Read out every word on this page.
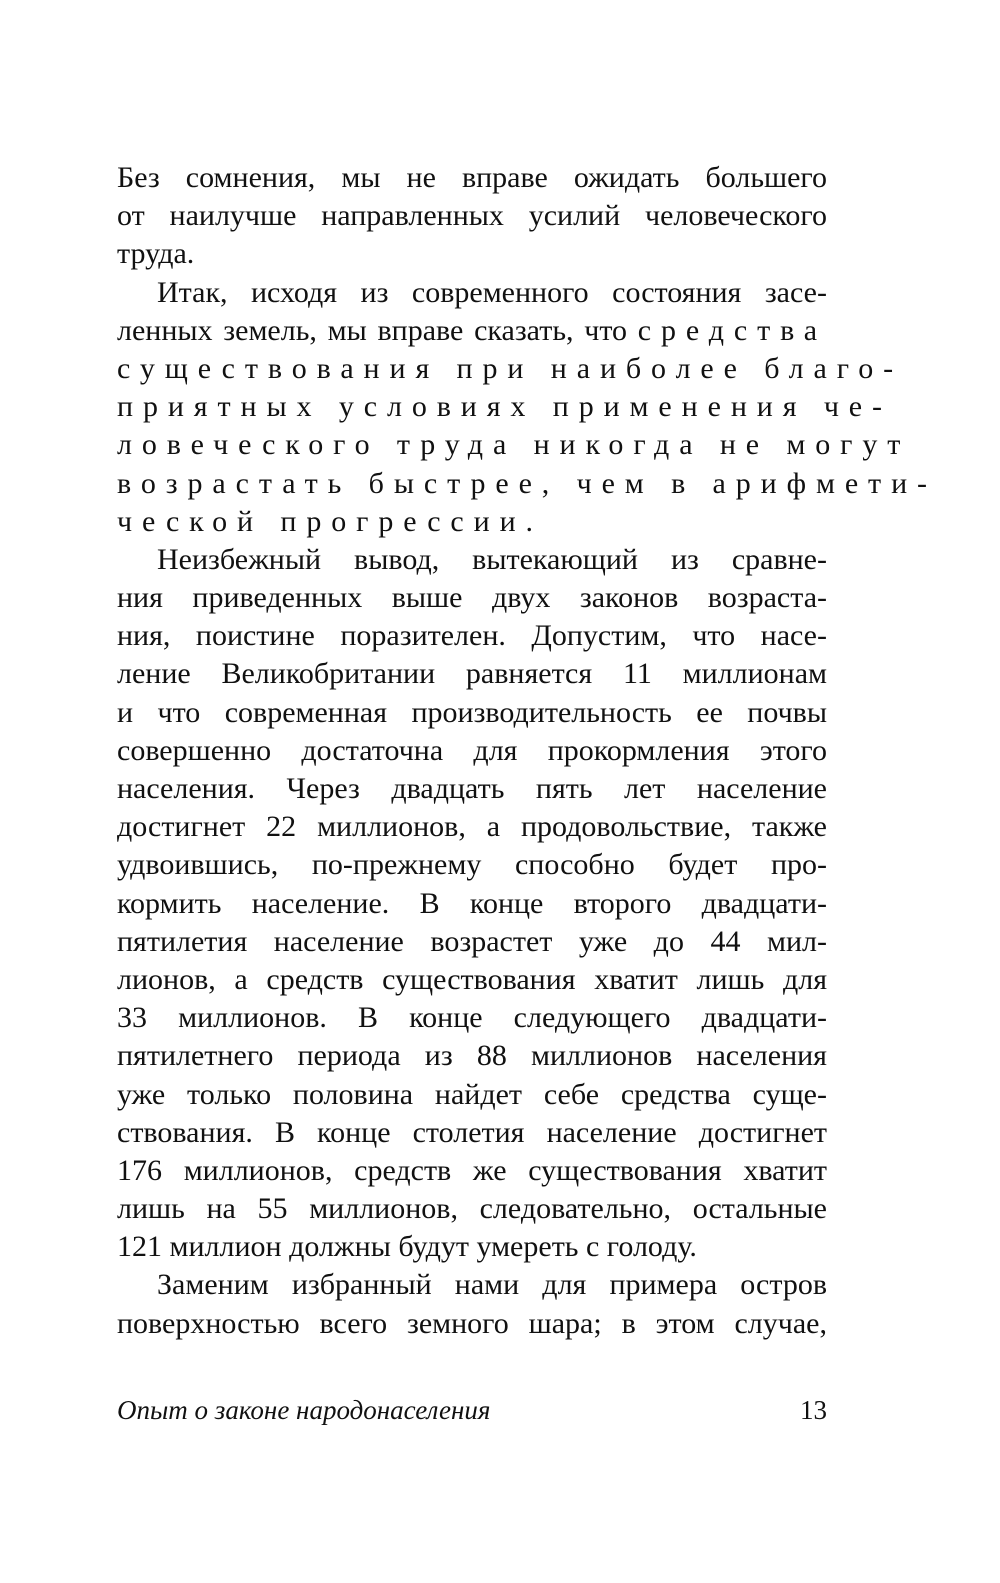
Без сомнения, мы не вправе ожидать большего
от наилучше направленных усилий человеческого
труда.
Итак, исходя из современного состояния засе-
ленных земель, мы вправе сказать, что средства
существования при наиболее благо-
приятных условиях применения че-
ловеческого труда никогда не могут
возрастать быстрее, чем в арифмети-
ческой прогрессии.
Неизбежный вывод, вытекающий из сравне-
ния приведенных выше двух законов возраста-
ния, поистине поразителен. Допустим, что насе-
ление Великобритании равняется 11 миллионам
и что современная производительность ее почвы
совершенно достаточна для прокормления этого
населения. Через двадцать пять лет население
достигнет 22 миллионов, а продовольствие, также
удвоившись, по-прежнему способно будет про-
кормить население. В конце второго двадцати-
пятилетия население возрастет уже до 44 мил-
лионов, а средств существования хватит лишь для
33 миллионов. В конце следующего двадцати-
пятилетнего периода из 88 миллионов населения
уже только половина найдет себе средства суще-
ствования. В конце столетия население достигнет
176 миллионов, средств же существования хватит
лишь на 55 миллионов, следовательно, остальные
121 миллион должны будут умереть с голоду.
Заменим избранный нами для примера остров
поверхностью всего земного шара; в этом случае,
Опыт о законе народонаселения	13
